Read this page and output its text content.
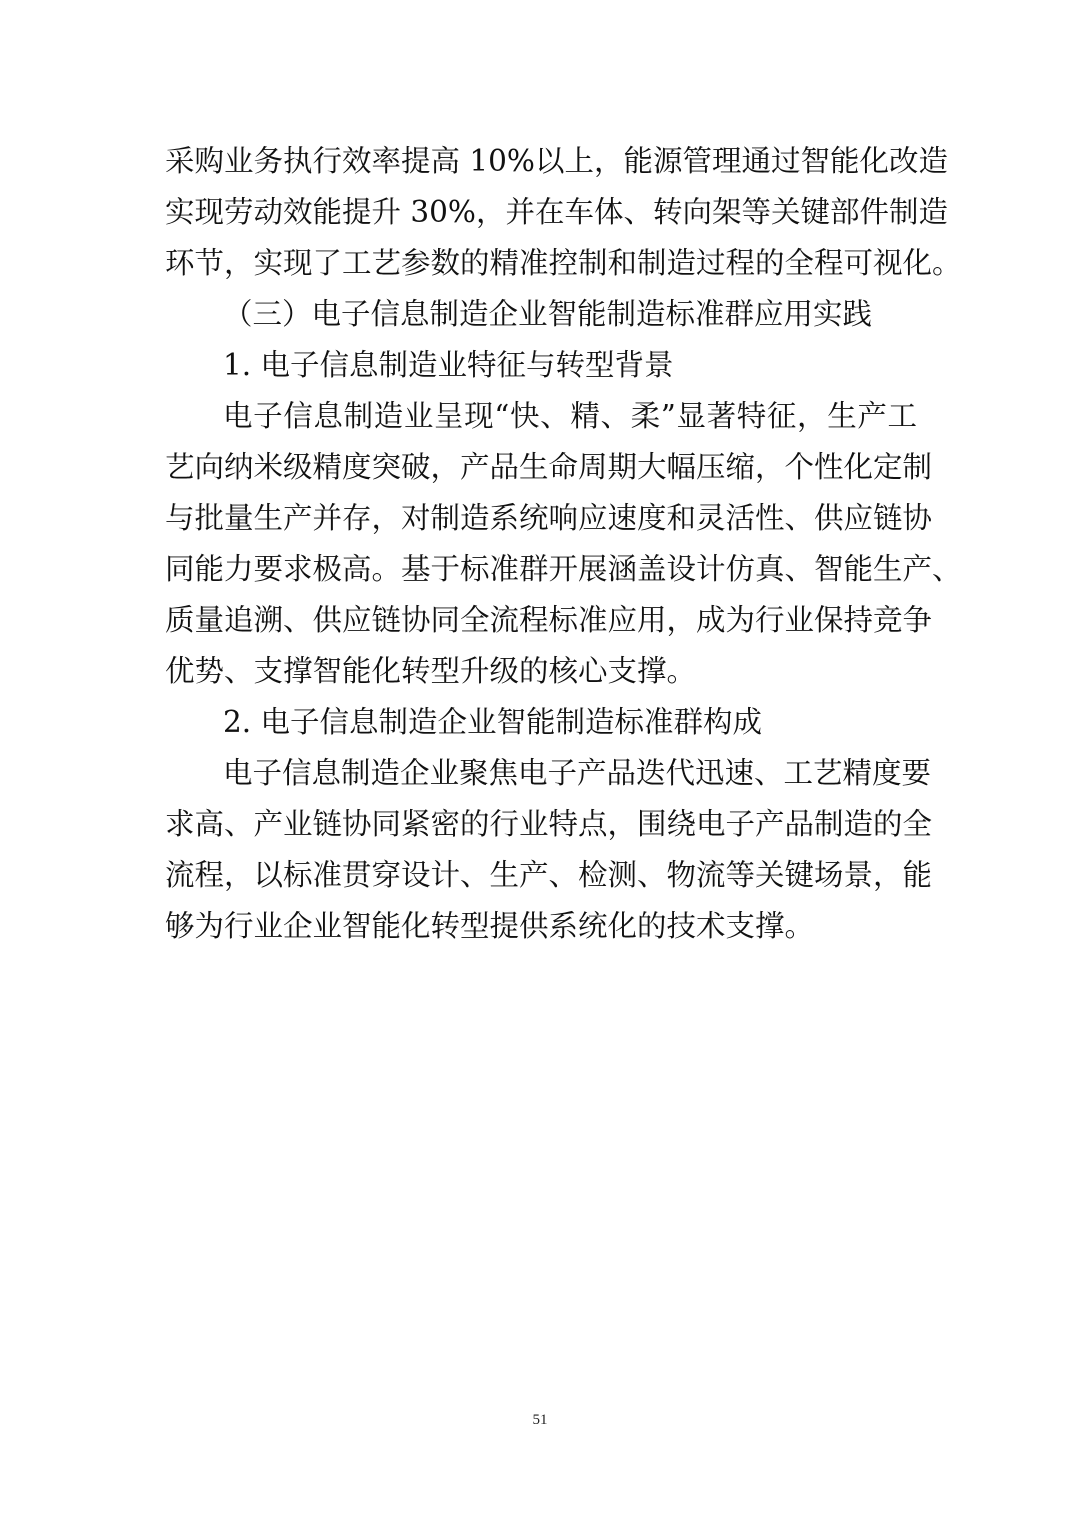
采购业务执行效率提高 10%以上，能源管理通过智能化改造
实现劳动效能提升 30%，并在车体、转向架等关键部件制造
环节，实现了工艺参数的精准控制和制造过程的全程可视化。
（三）电子信息制造企业智能制造标准群应用实践
1. 电子信息制造业特征与转型背景
电子信息制造业呈现“快、精、柔”显著特征，生产工
艺向纳米级精度突破，产品生命周期大幅压缩，个性化定制
与批量生产并存，对制造系统响应速度和灵活性、供应链协
同能力要求极高。基于标准群开展涵盖设计仿真、智能生产、
质量追溯、供应链协同全流程标准应用，成为行业保持竞争
优势、支撑智能化转型升级的核心支撑。
2. 电子信息制造企业智能制造标准群构成
电子信息制造企业聚焦电子产品迭代迅速、工艺精度要
求高、产业链协同紧密的行业特点，围绕电子产品制造的全
流程，以标准贯穿设计、生产、检测、物流等关键场景，能
够为行业企业智能化转型提供系统化的技术支撑。
51
